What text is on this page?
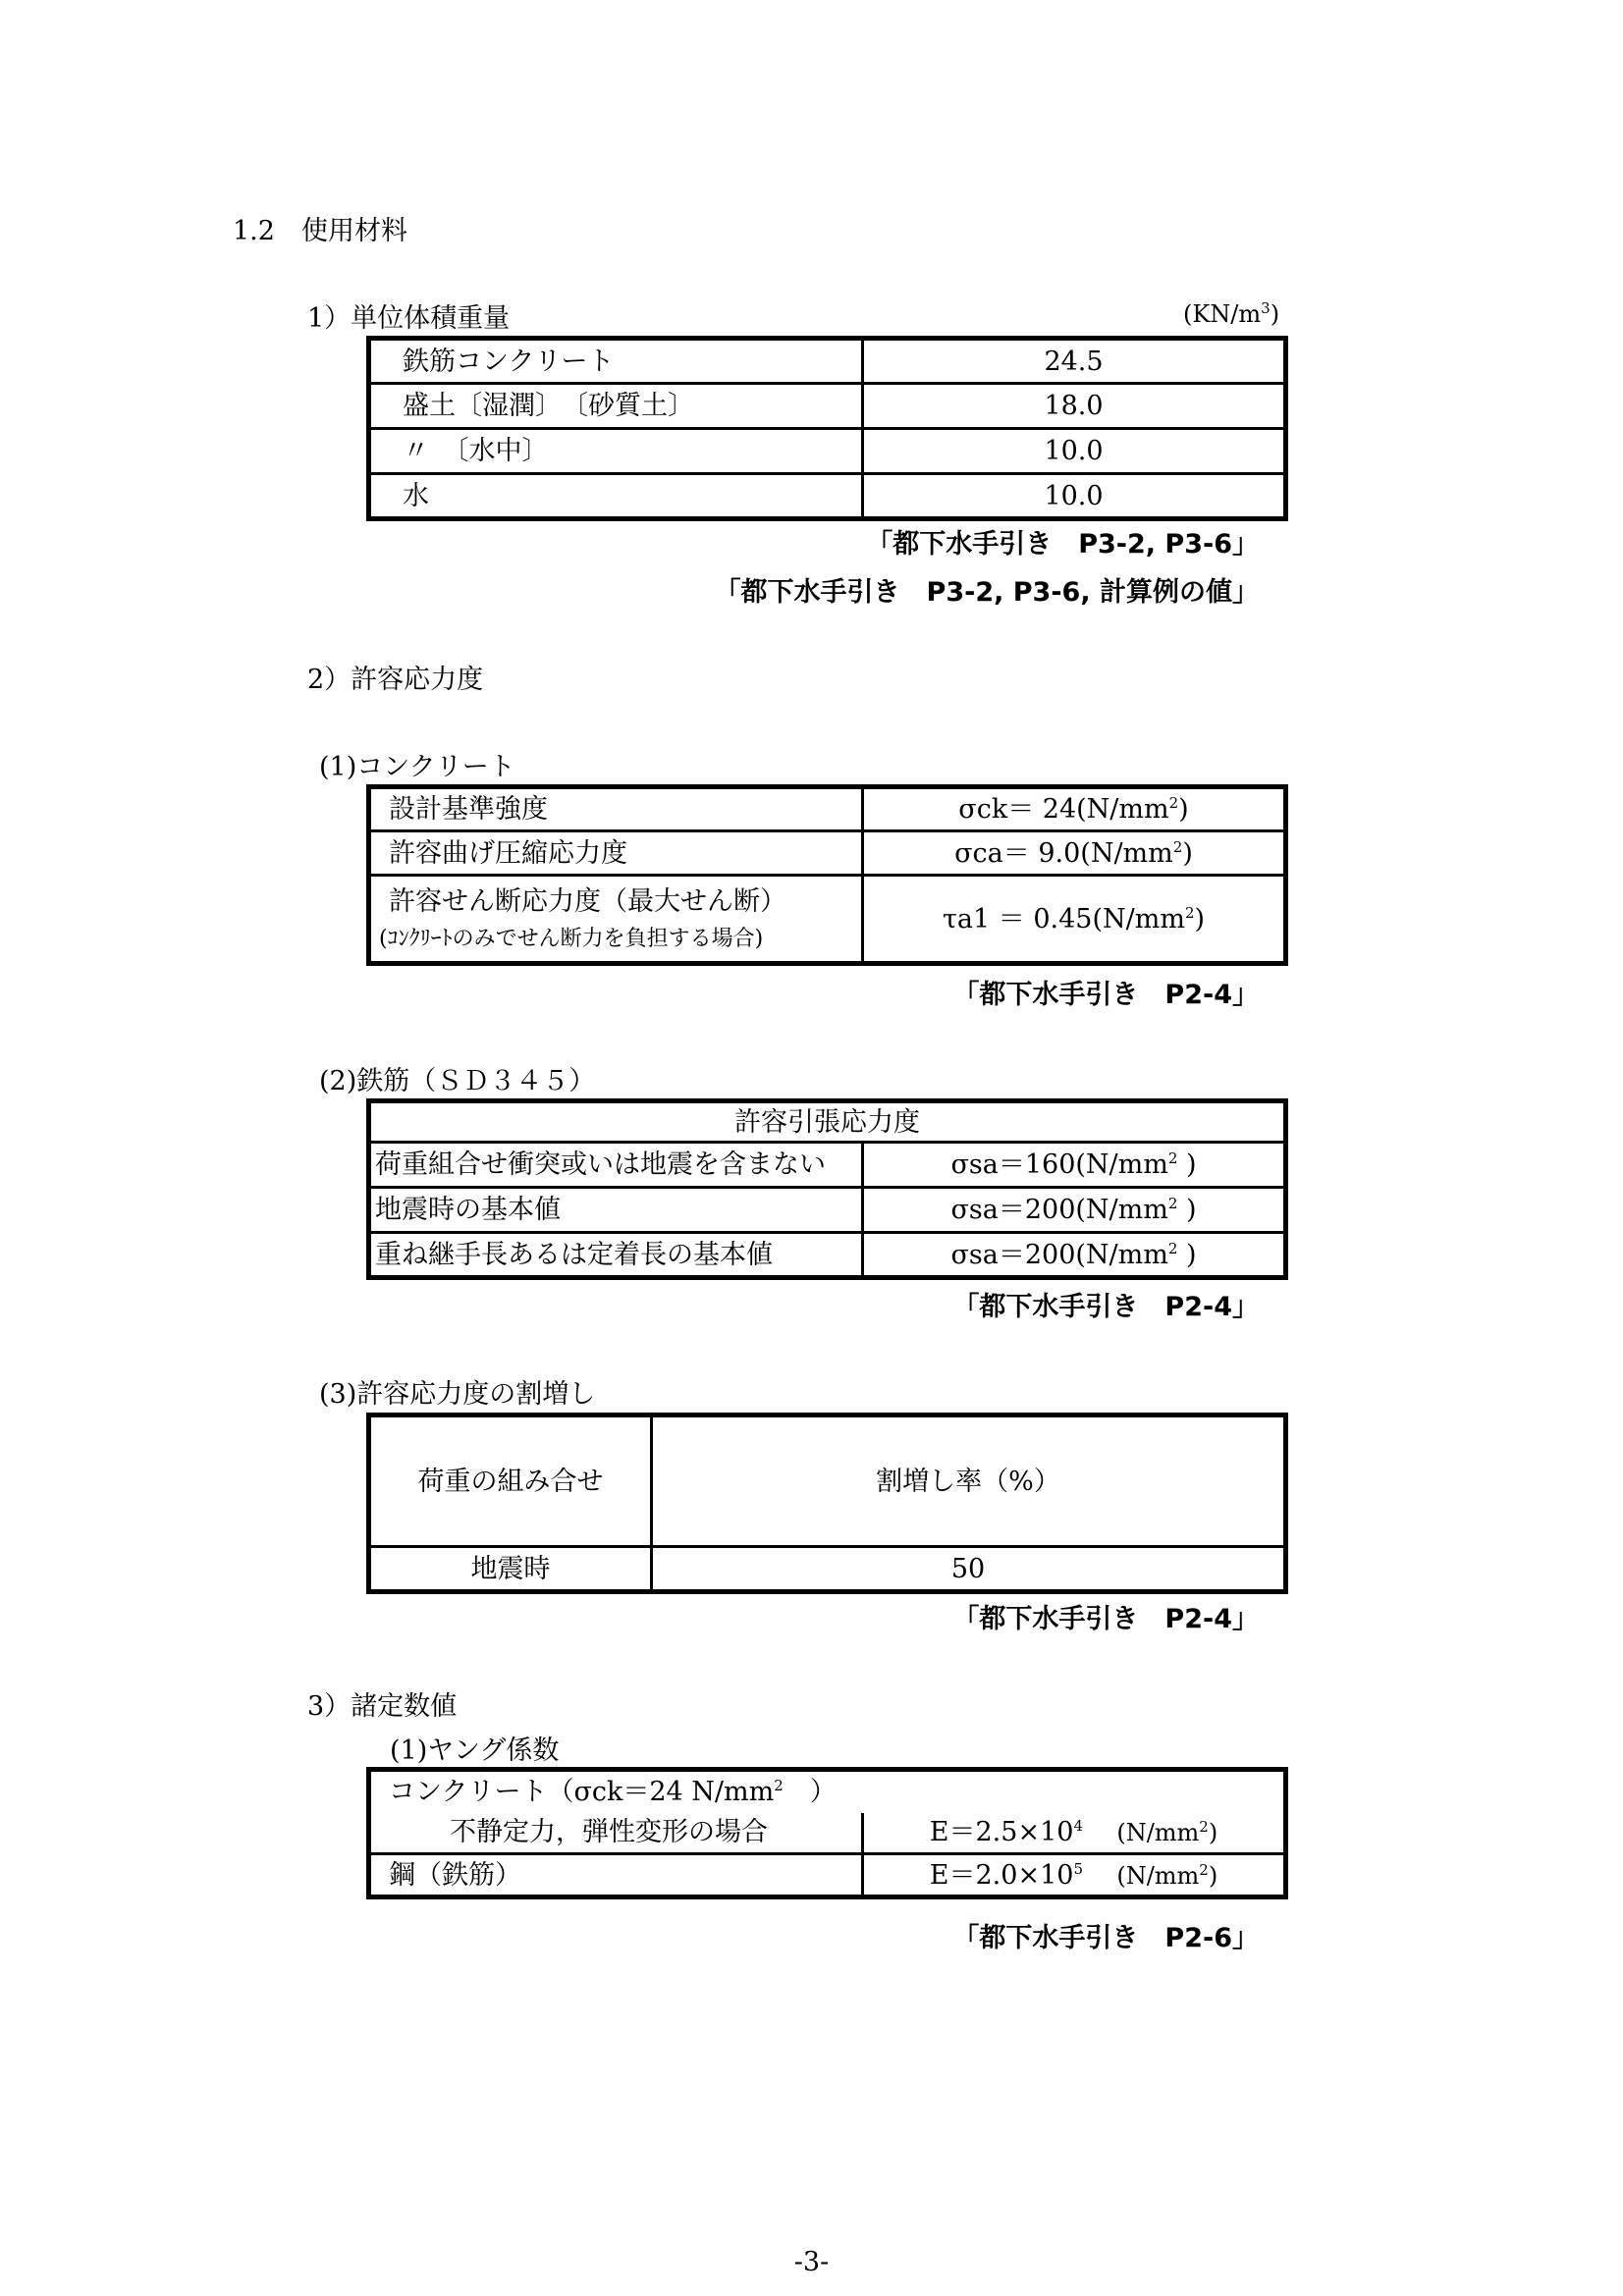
1.2　使用材料
1）単位体積重量	$(KN/m^3)$
鉄筋コンクリート	24.5
盛土〔湿潤〕　〔砂質土〕	18.0
〃　〔水中〕	10.0
水	10.0
「都下水手引き　P3-2, P3-6」
「都下水手引き　P3-2, P3-6, 計算例の値」
2）許容応力度
(1)コンクリート
設計基準強度	$\sigma ck= 24(N/mm^2)$
許容曲げ圧縮応力度	$\sigma ca= 9.0(N/mm^2)$

許容せん断応力度（最大せん断）
(ｺﾝｸﾘｰﾄのみでせん断力を負担する場合)	$\tau a1 = 0.45(N/mm^2)$
「都下水手引き　P2-4」
(2)鉄筋（ＳＤ３４５）
許容引張応力度	
荷重組合せ衝突或いは地震を含まない	$\sigma sa=160(N/mm^2$ )
地震時の基本値	$\sigma sa=200(N/mm^2$ )
重ね継手長あるは定着長の基本値	$\sigma sa=200(N/mm^2$ )
「都下水手引き　P2-4」
(3)許容応力度の割増し
荷重の組み合せ	割増し率（%）
地震時	50
「都下水手引き　P2-4」
3）諸定数値
(1)ヤング係数
コンクリート（σck＝24 $N/mm^2$　）	
不静定力，弾性変形の場合	$E=2.5\times 10^4$ $(N/mm^2)$
鋼（鉄筋）	$E=2.0\times 10^5$ $(N/mm^2)$
「都下水手引き　P2-6」
-3-
